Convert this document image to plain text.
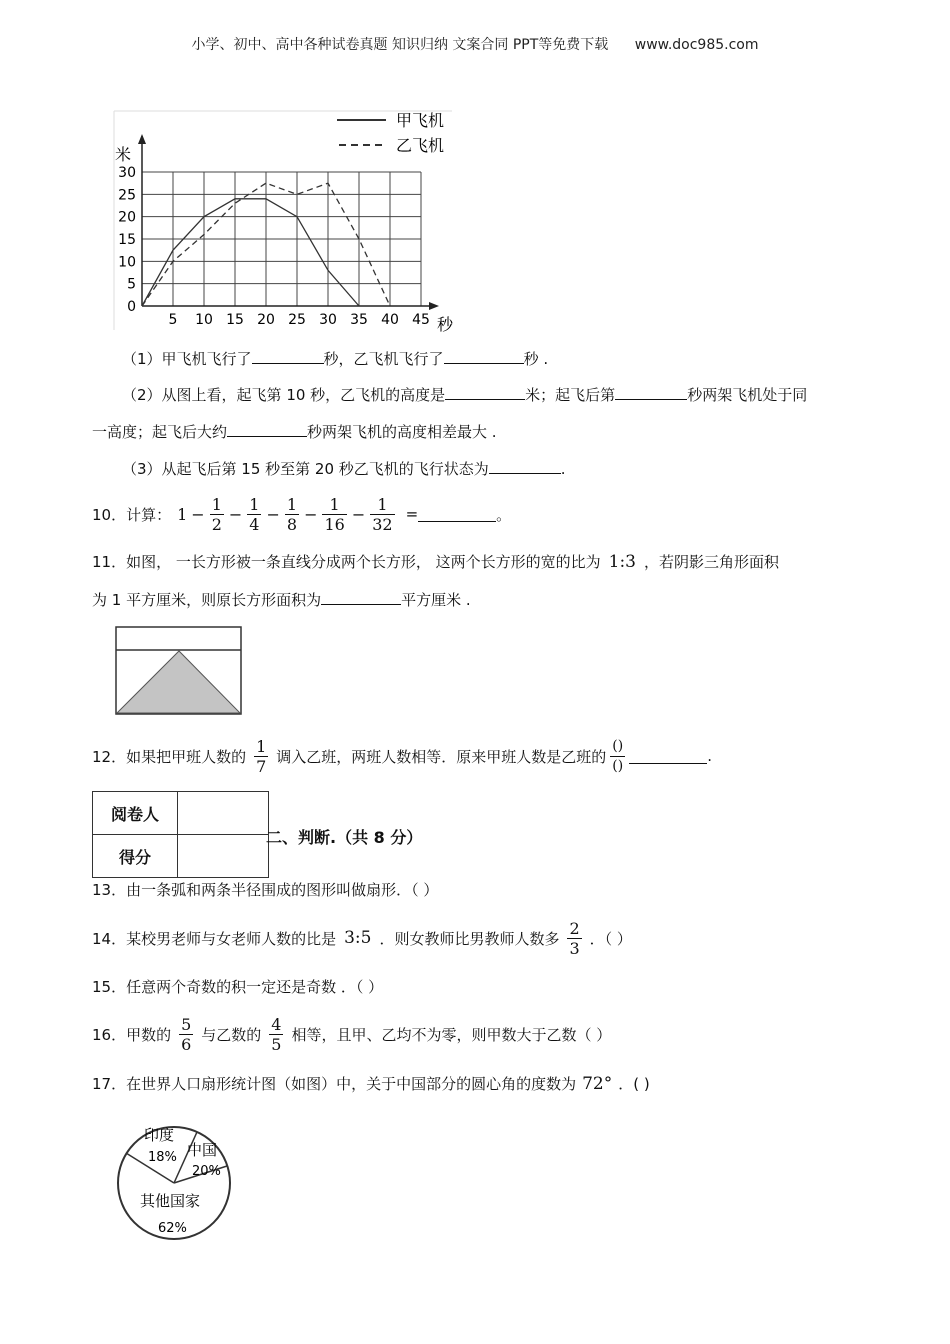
小学、初中、高中各种试卷真题 知识归纳 文案合同 PPT等免费下载 www.doc985.com
5 10 15 20 25 30 35 40 45
0
5
10
15
20
25
30
甲飞机
乙飞机
米
秒
（1）甲飞机飞行了	秒，乙飞机飞行了	秒 .
（2）从图上看，起飞第 10 秒，乙飞机的高度是	米；起飞后第	秒两架飞机处于同
一高度；起飞后大约	秒两架飞机的高度相差最大 .
（3）从起飞后第 15 秒至第 20 秒乙飞机的飞行状态为	.
10．计算： $1 - \frac{1}{2} - \frac{1}{4} - \frac{1}{8} - \frac{1}{16} - \frac{1}{32}$ =	。
11．如图， 一长方形被一条直线分成两个长方形， 这两个长方形的宽的比为 1:3 ，若阴影三角形面积
为 1 平方厘米，则原长方形面积为	平方厘米 .
12．如果把甲班人数的 $\frac{1}{7}$ 调入乙班，两班人数相等．原来甲班人数是乙班的 $\frac{()}{()}$	.
阅卷人	
得分	
二、判断.（共 8 分）
13．由一条弧和两条半径围成的图形叫做扇形．（ ）
14．某校男老师与女老师人数的比是 3:5 ．则女教师比男教师人数多 $\frac{2}{3}$ ．（ ）
15．任意两个奇数的积一定还是奇数 ．（ ）
16．甲数的 $\frac{5}{6}$ 与乙数的 $\frac{4}{5}$ 相等，且甲、乙均不为零，则甲数大于乙数（ ）
17．在世界人口扇形统计图（如图）中，关于中国部分的圆心角的度数为 72° ．( )
印度
18% 中国
20%
其他国家
62%
